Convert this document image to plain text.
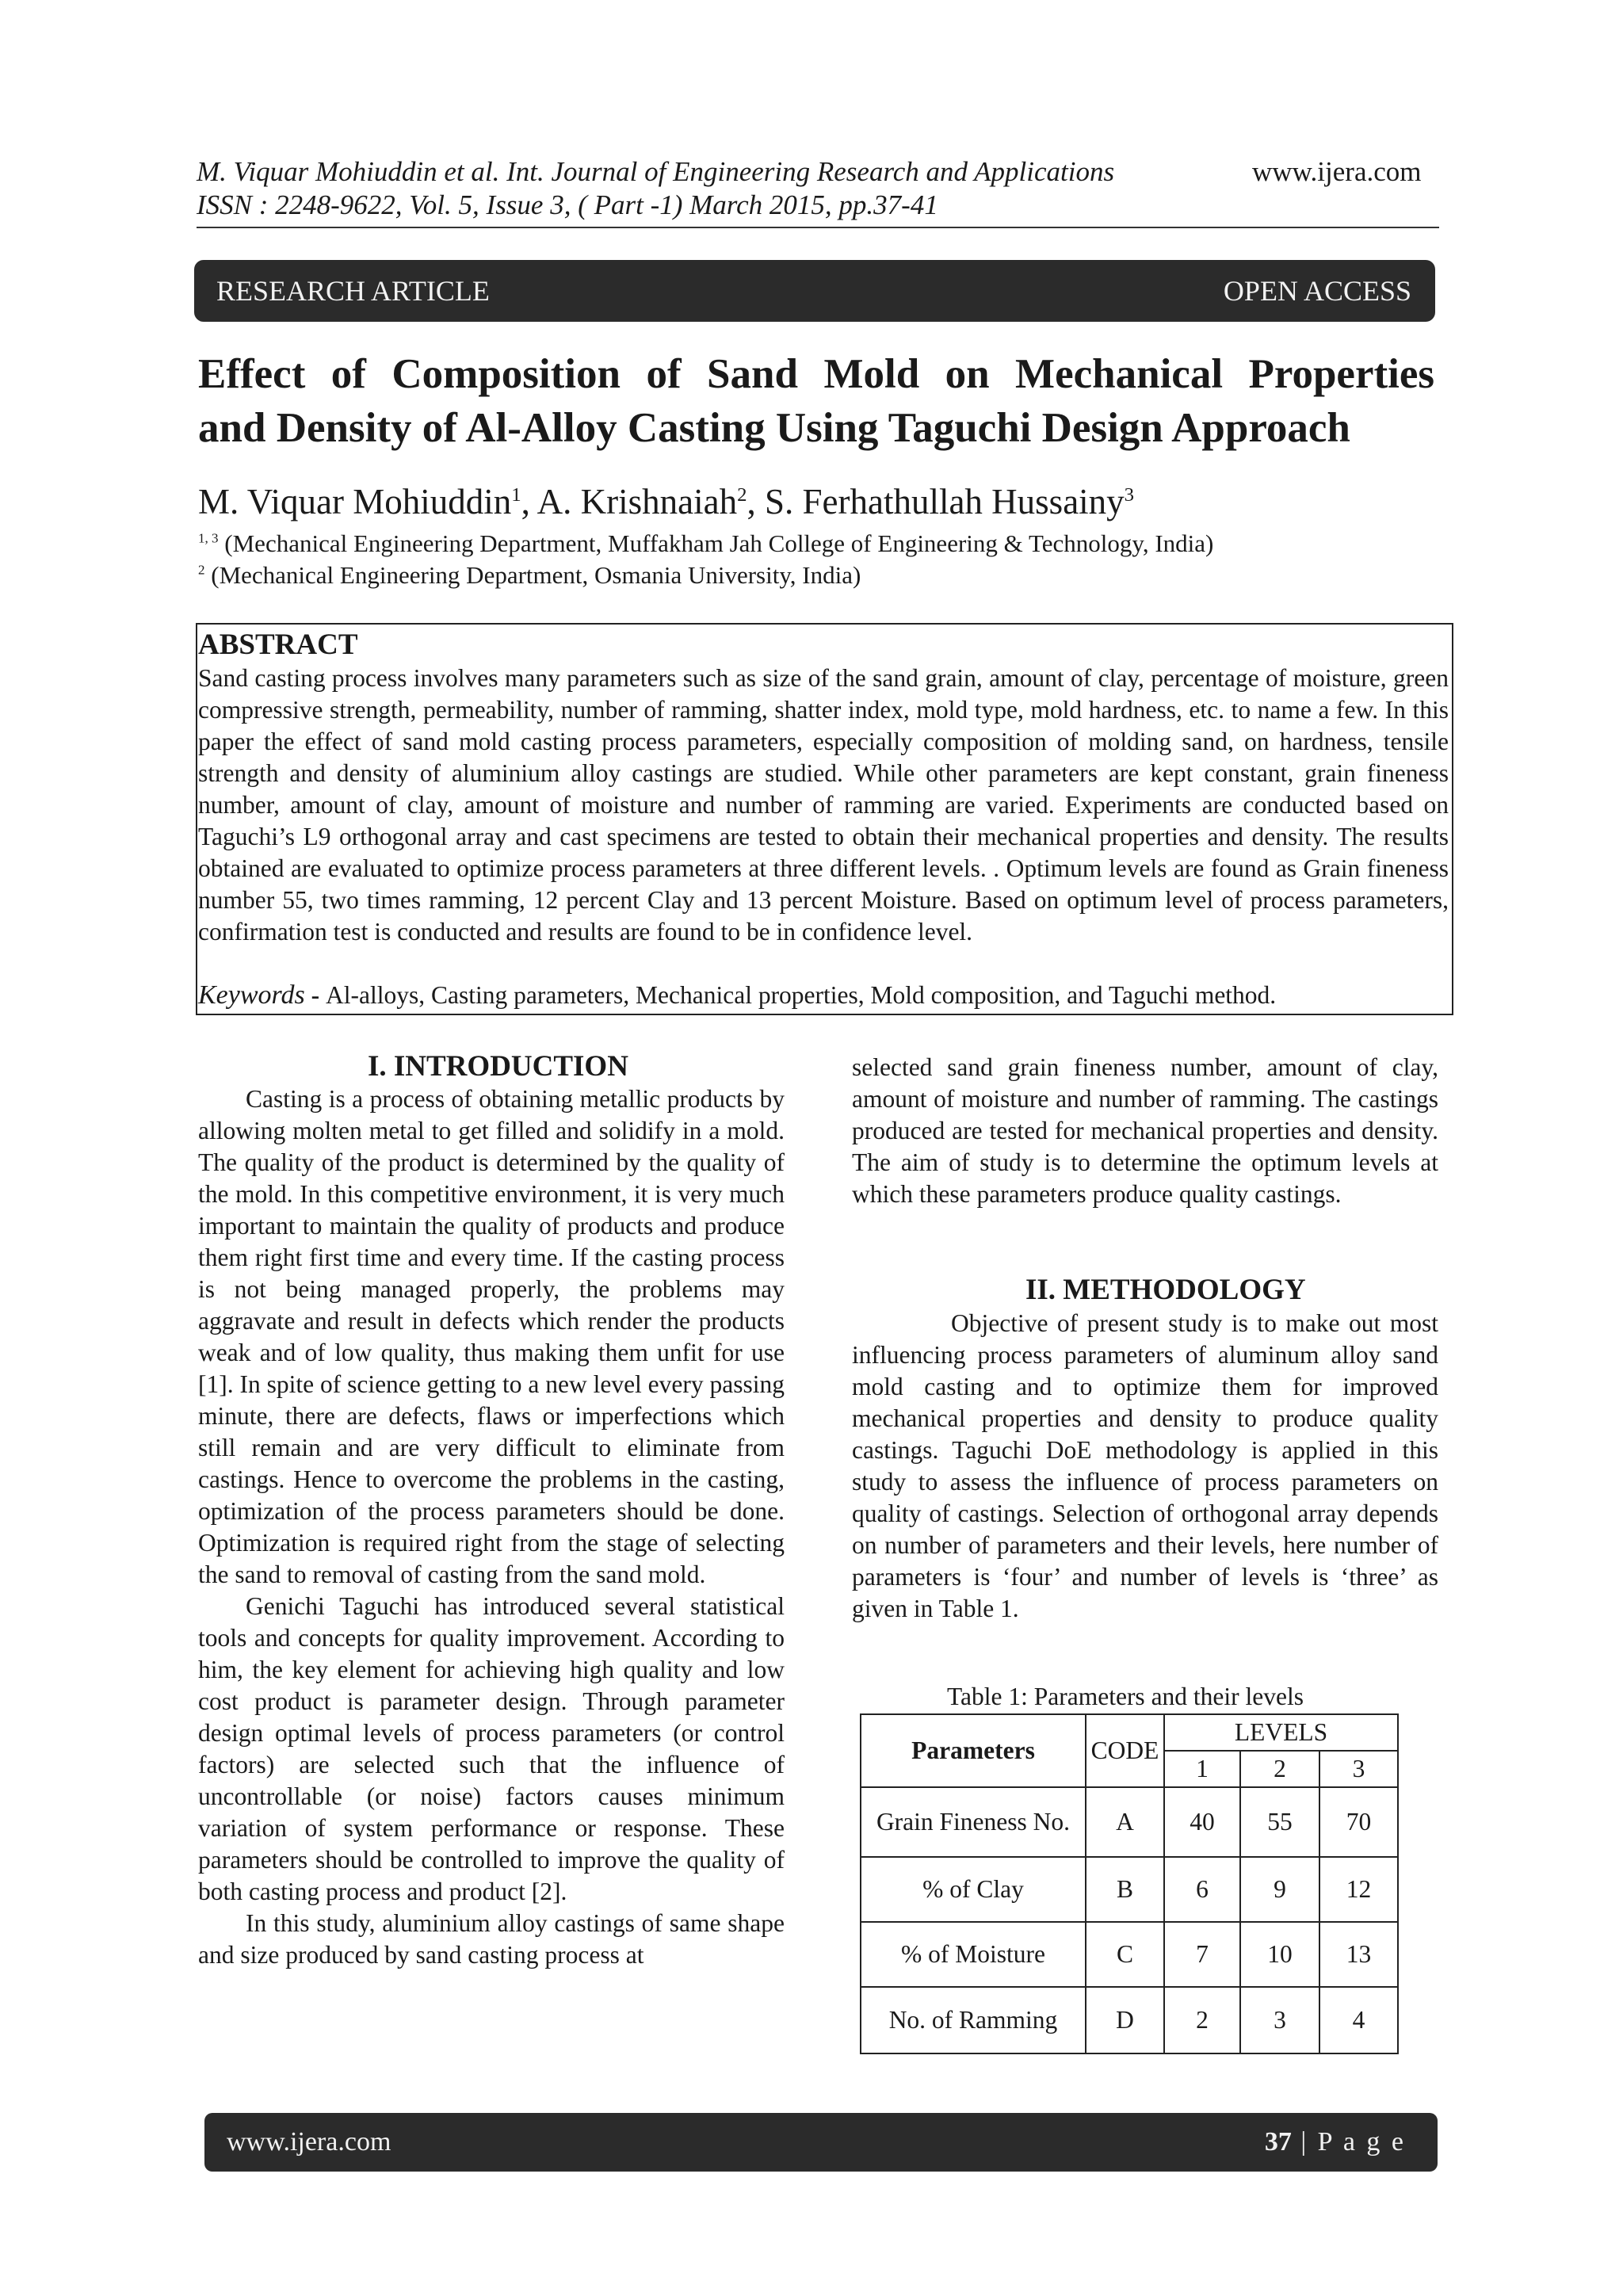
M. Viquar Mohiuddin et al. Int. Journal of Engineering Research and Applications	www.ijera.com
ISSN : 2248-9622, Vol. 5, Issue 3, ( Part -1) March 2015, pp.37-41
RESEARCH ARTICLE	OPEN ACCESS
Effect of Composition of Sand Mold on Mechanical Properties
and Density of Al-Alloy Casting Using Taguchi Design Approach
M. Viquar Mohiuddin$^1$, A. Krishnaiah$^2$, S. Ferhathullah Hussainy$^3$
$^{1, 3}$ (Mechanical Engineering Department, Muffakham Jah College of Engineering & Technology, India)
$^2$ (Mechanical Engineering Department, Osmania University, India)
ABSTRACT
Sand casting process involves many parameters such as size of the sand grain, amount of clay, percentage of moisture, green compressive strength, permeability, number of ramming, shatter index, mold type, mold hardness, etc. to name a few. In this paper the effect of sand mold casting process parameters, especially composition of molding sand, on hardness, tensile strength and density of aluminium alloy castings are studied. While other parameters are kept constant, grain fineness number, amount of clay, amount of moisture and number of ramming are varied. Experiments are conducted based on Taguchi’s L9 orthogonal array and cast specimens are tested to obtain their mechanical properties and density. The results obtained are evaluated to optimize process parameters at three different levels. . Optimum levels are found as Grain fineness number 55, two times ramming, 12 percent Clay and 13 percent Moisture. Based on optimum level of process parameters, confirmation test is conducted and results are found to be in confidence level.
Keywords - Al-alloys, Casting parameters, Mechanical properties, Mold composition, and Taguchi method.
I. INTRODUCTION

Casting is a process of obtaining metallic products by allowing molten metal to get filled and solidify in a mold. The quality of the product is determined by the quality of the mold. In this competitive environment, it is very much important to maintain the quality of products and produce them right first time and every time. If the casting process is not being managed properly, the problems may aggravate and result in defects which render the products weak and of low quality, thus making them unfit for use [1]. In spite of science getting to a new level every passing minute, there are defects, flaws or imperfections which still remain and are very difficult to eliminate from castings. Hence to overcome the problems in the casting, optimization of the process parameters should be done. Optimization is required right from the stage of selecting the sand to removal of casting from the sand mold.

Genichi Taguchi has introduced several statistical tools and concepts for quality improvement. According to him, the key element for achieving high quality and low cost product is parameter design. Through parameter design optimal levels of process parameters (or control factors) are selected such that the influence of uncontrollable (or noise) factors causes minimum variation of system performance or response. These parameters should be controlled to improve the quality of both casting process and product [2].

In this study, aluminium alloy castings of same shape and size produced by sand casting process at

selected sand grain fineness number, amount of clay, amount of moisture and number of ramming. The castings produced are tested for mechanical properties and density. The aim of study is to determine the optimum levels at which these parameters produce quality castings.
II. METHODOLOGY

Objective of present study is to make out most influencing process parameters of aluminum alloy sand mold casting and to optimize them for improved mechanical properties and density to produce quality castings. Taguchi DoE methodology is applied in this study to assess the influence of process parameters on quality of castings. Selection of orthogonal array depends on number of parameters and their levels, here number of parameters is ‘four’ and number of levels is ‘three’ as given in Table 1.

Table 1: Parameters and their levels
Parameters	CODE	LEVELS		
		1	2	3
Grain Fineness No.	A	40	55	70
% of Clay	B	6	9	12
% of Moisture	C	7	10	13
No. of Ramming	D	2	3	4
www.ijera.com	37 | P a g e
